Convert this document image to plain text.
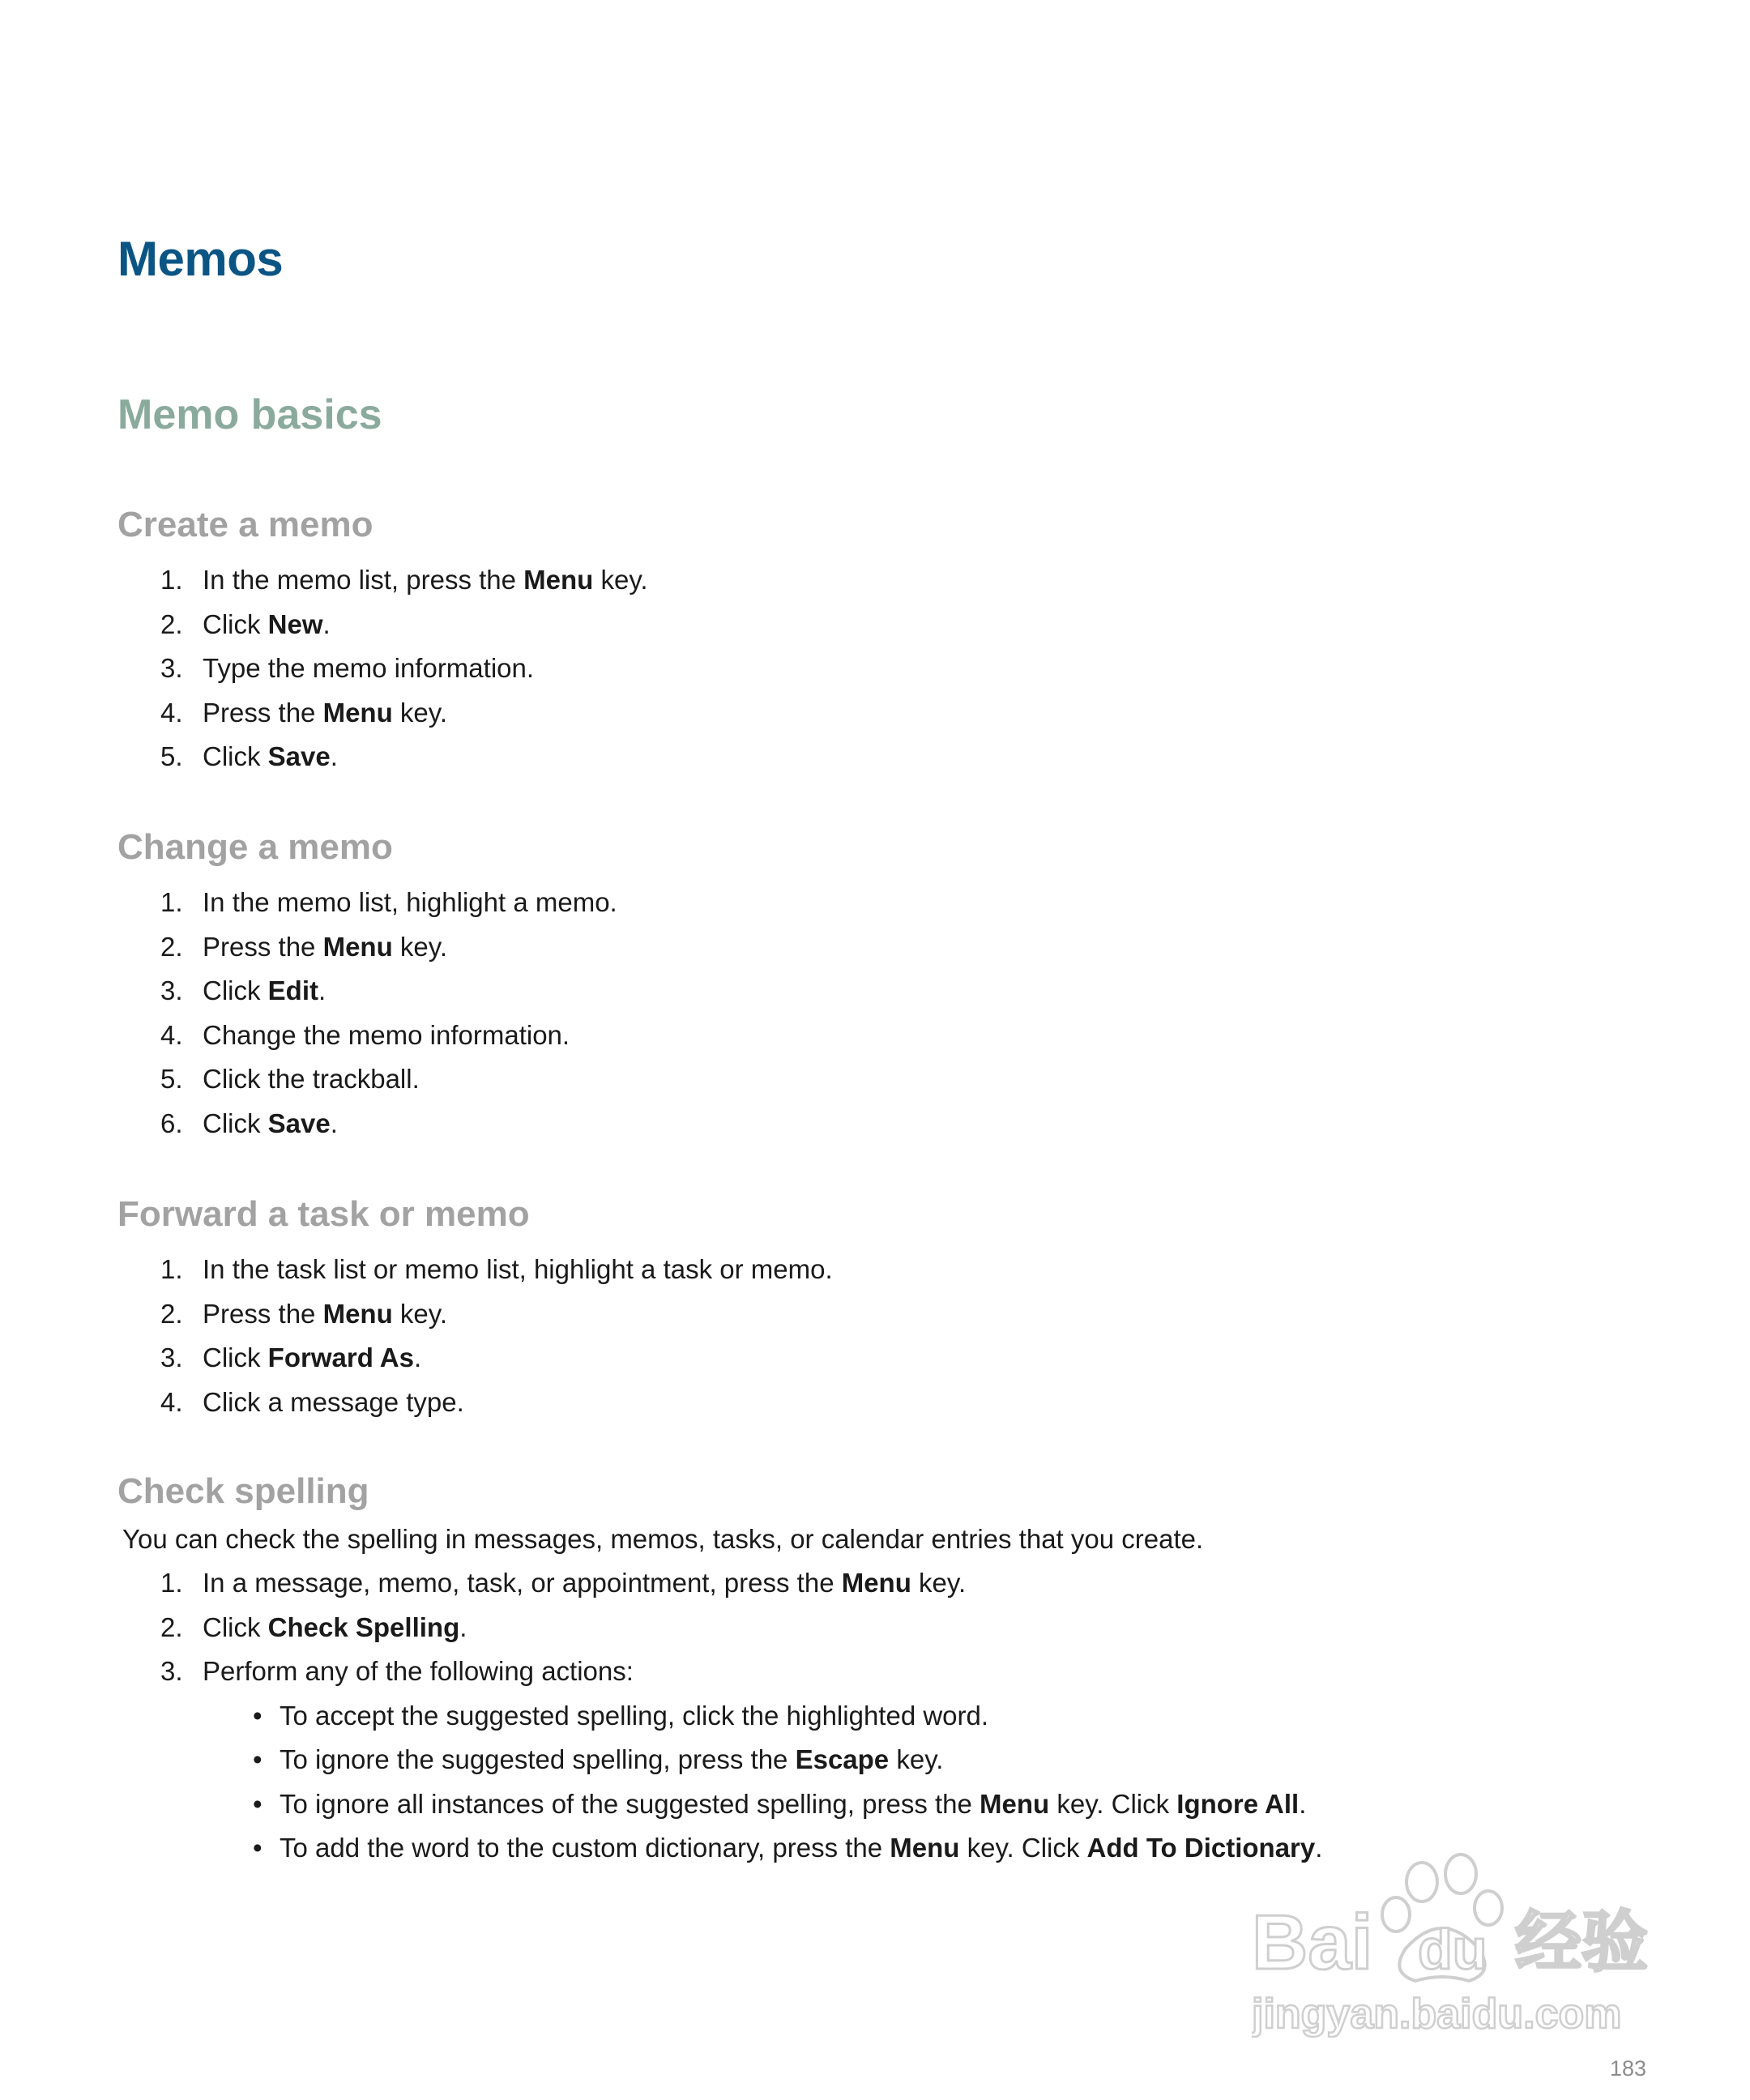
Memos
Memo basics
Create a memo
1. In the memo list, press the Menu key.
2. Click New.
3. Type the memo information.
4. Press the Menu key.
5. Click Save.
Change a memo
1. In the memo list, highlight a memo.
2. Press the Menu key.
3. Click Edit.
4. Change the memo information.
5. Click the trackball.
6. Click Save.
Forward a task or memo
1. In the task list or memo list, highlight a task or memo.
2. Press the Menu key.
3. Click Forward As.
4. Click a message type.
Check spelling

You can check the spelling in messages, memos, tasks, or calendar entries that you create.

1. In a message, memo, task, or appointment, press the Menu key.
2. Click Check Spelling.
3. Perform any of the following actions:
• To accept the suggested spelling, click the highlighted word.
• To ignore the suggested spelling, press the Escape key.
• To ignore all instances of the suggested spelling, press the Menu key. Click Ignore All.
• To add the word to the custom dictionary, press the Menu key. Click Add To Dictionary.
Bai du 经验
jingyan.baidu.com
183
